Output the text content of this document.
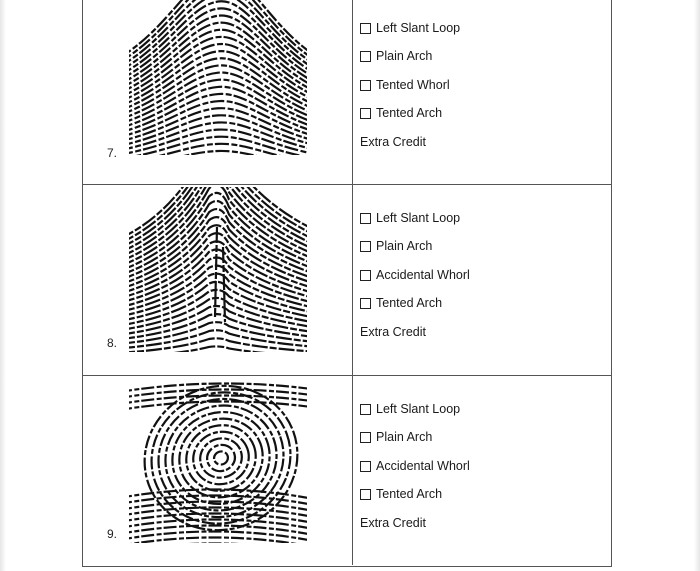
7.
Left Slant Loop
Plain Arch
Tented Whorl
Tented Arch
Extra Credit
8.
Left Slant Loop
Plain Arch
Accidental Whorl
Tented Arch
Extra Credit
9.
Left Slant Loop
Plain Arch
Accidental Whorl
Tented Arch
Extra Credit
